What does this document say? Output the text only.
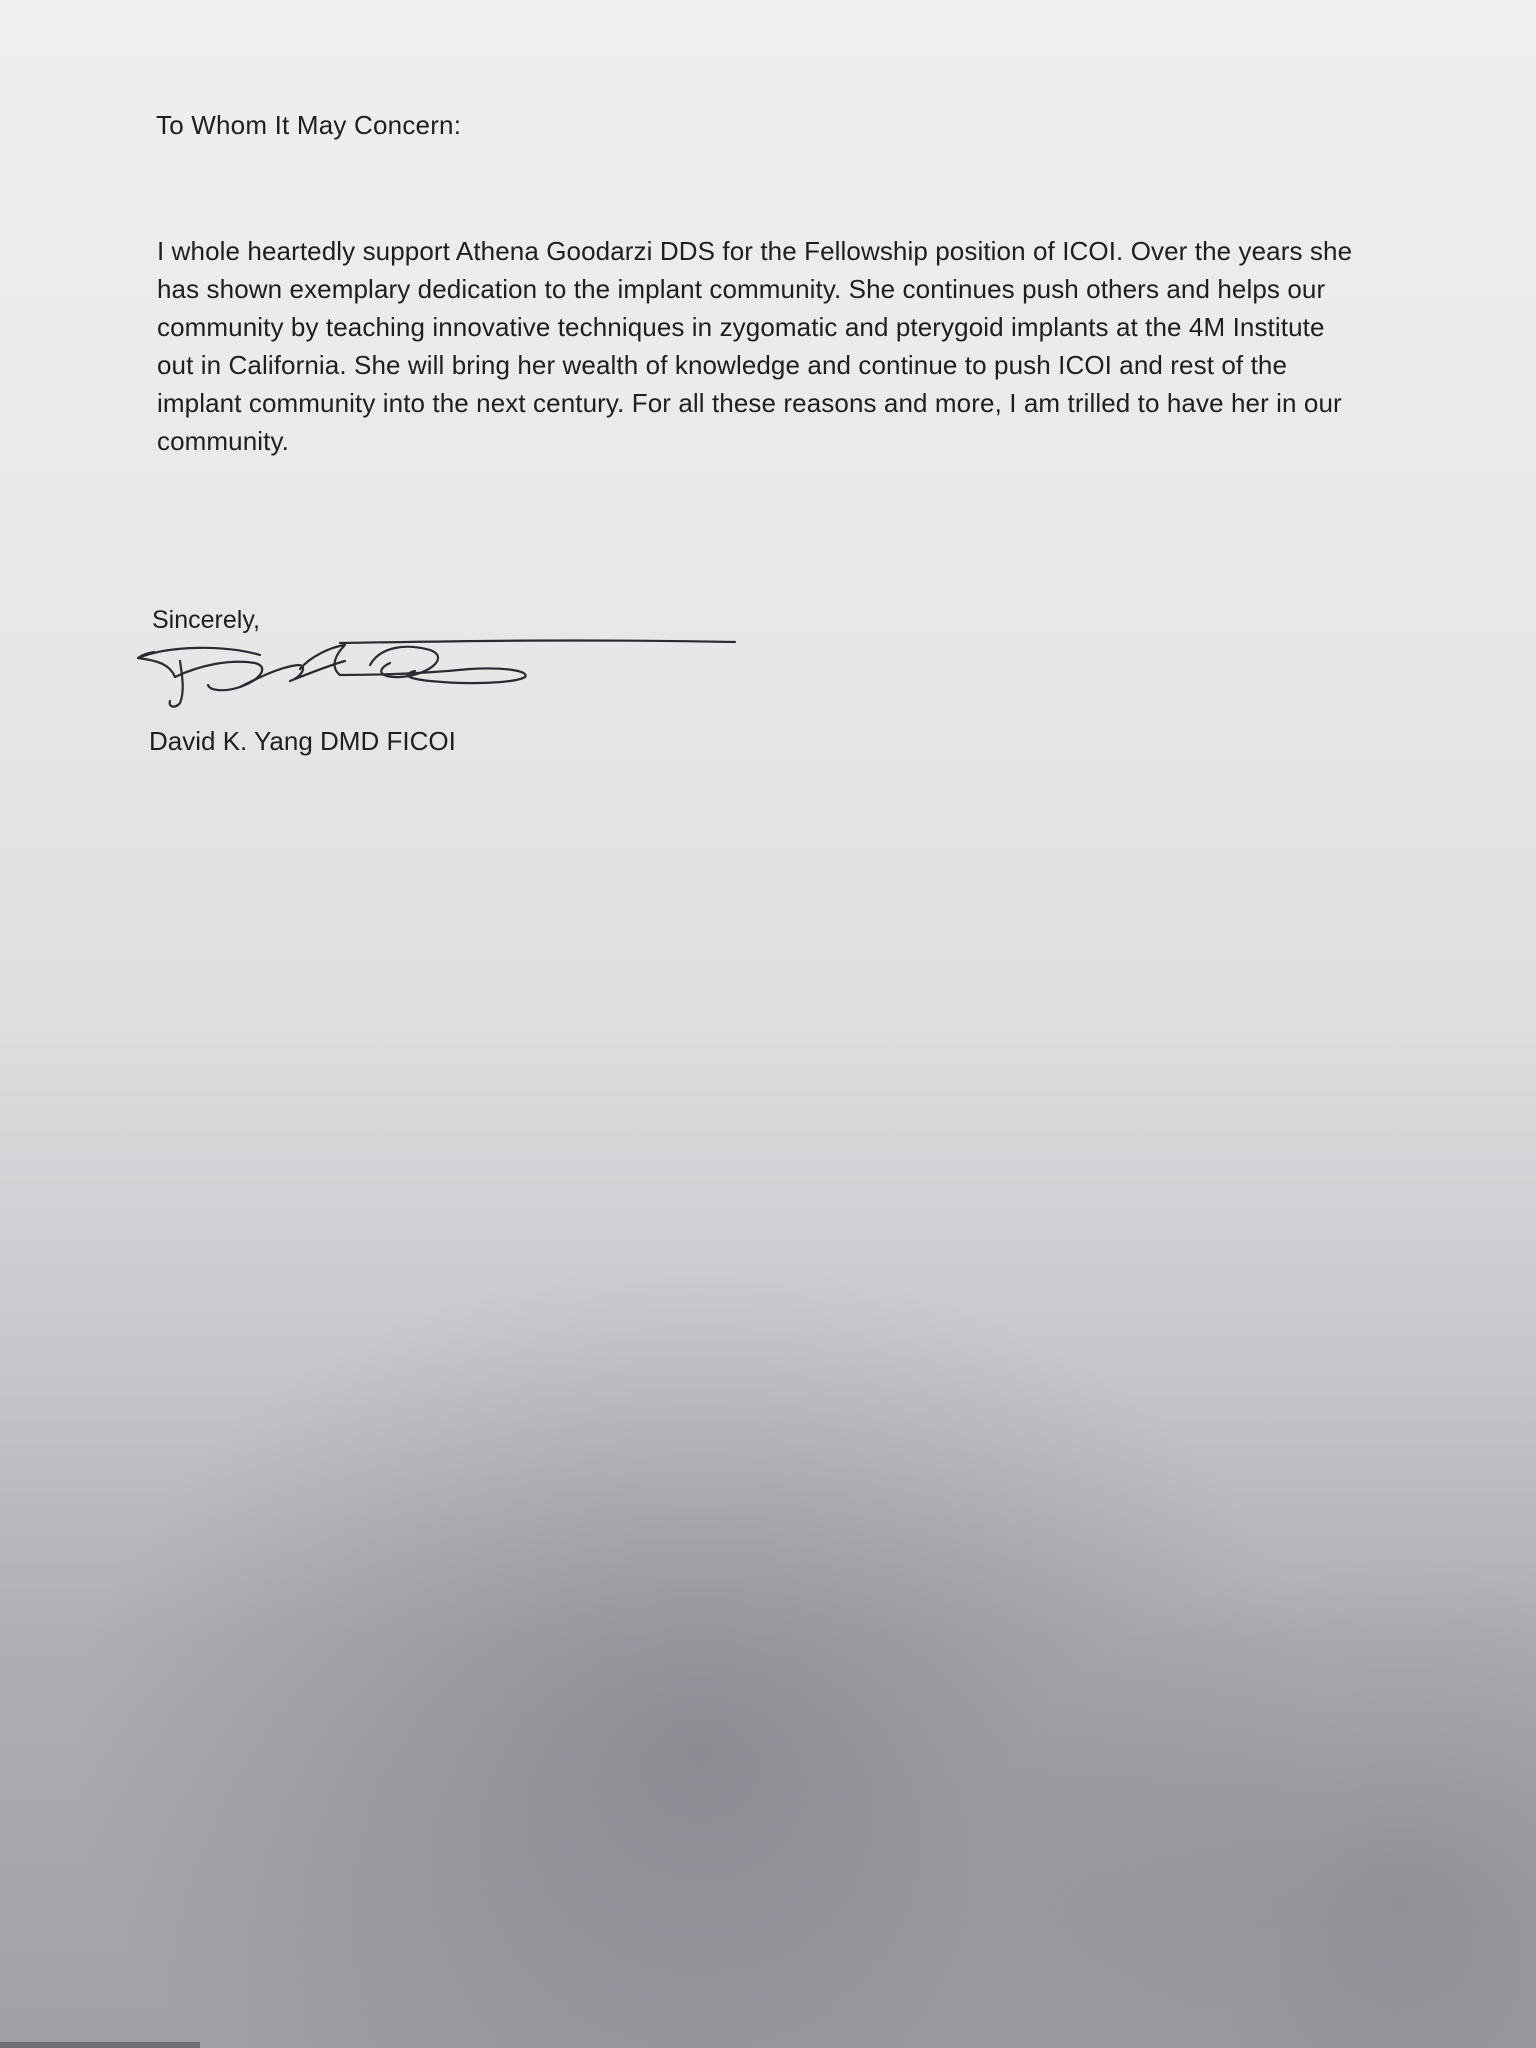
To Whom It May Concern:
I whole heartedly support Athena Goodarzi DDS for the Fellowship position of ICOI. Over the years she
has shown exemplary dedication to the implant community. She continues push others and helps our
community by teaching innovative techniques in zygomatic and pterygoid implants at the 4M Institute
out in California. She will bring her wealth of knowledge and continue to push ICOI and rest of the
implant community into the next century. For all these reasons and more, I am trilled to have her in our
community.
Sincerely,
David K. Yang DMD FICOI
